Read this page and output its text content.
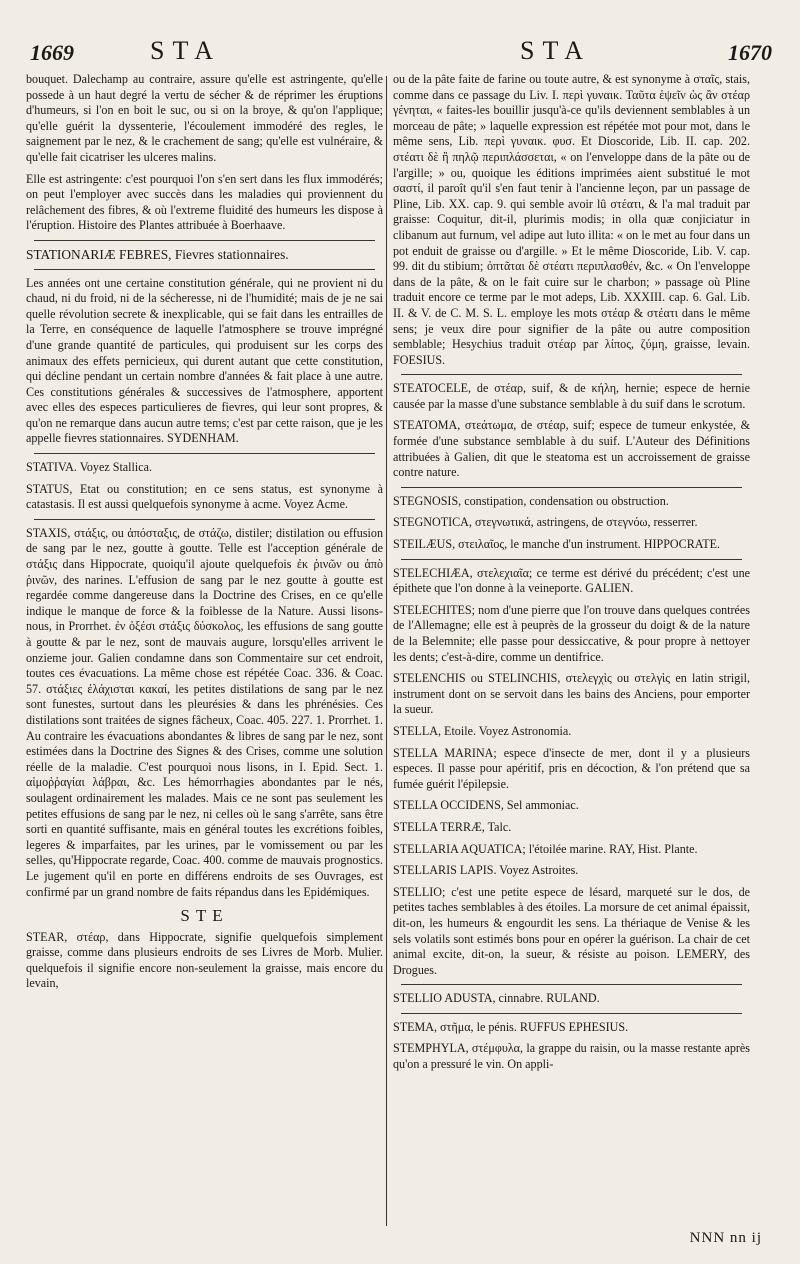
1669	STA	STA	1670
bouquet. Dalechamp au contraire, assure qu'elle est astringente, qu'elle possede à un haut degré la vertu de sécher & de réprimer les éruptions d'humeurs, si l'on en boit le suc, ou si on la broye, & qu'on l'applique; qu'elle guérit la dyssenterie, l'écoulement immodéré des regles, le saignement par le nez, & le crachement de sang; qu'elle est vulnéraire, & qu'elle fait cicatriser les ulceres malins.
Elle est astringente: c'est pourquoi l'on s'en sert dans les flux immodérés; on peut l'employer avec succès dans les maladies qui proviennent du relâchement des fibres, & où l'extreme fluidité des humeurs les dispose à l'éruption. Histoire des Plantes attribuée à Boerhaave.
STATIONARIÆ FEBRES, Fievres stationnaires.
Les années ont une certaine constitution générale, qui ne provient ni du chaud, ni du froid, ni de la sécheresse, ni de l'humidité; mais de je ne sai quelle révolution secrete & inexplicable, qui se fait dans les entrailles de la Terre, en conséquence de laquelle l'atmosphere se trouve imprégné d'une grande quantité de particules, qui produisent sur les corps des animaux des effets pernicieux, qui durent autant que cette constitution, qui décline pendant un certain nombre d'années & fait place à une autre. Ces constitutions générales & successives de l'atmosphere, apportent avec elles des especes particulieres de fievres, qui leur sont propres, & qu'on ne remarque dans aucun autre tems; c'est par cette raison, que je les appelle fievres stationnaires. SYDENHAM.
STATIVA. Voyez Stallica.
STATUS, Etat ou constitution; en ce sens status, est synonyme à catastasis. Il est aussi quelquefois synonyme à acme. Voyez Acme.
STAXIS, στάξις, ou ἀπόσταξις, de στάζω, distiler; distilation ou effusion de sang par le nez, goutte à goutte. Telle est l'acception générale de στάξις dans Hippocrate, quoiqu'il ajoute quelquefois ἐκ ῥινῶν ou ἀπὸ ῥινῶν, des narines. L'effusion de sang par le nez goutte à goutte est regardée comme dangereuse dans la Doctrine des Crises, en ce qu'elle indique le manque de force & la foiblesse de la Nature. Aussi lisons-nous, in Prorrhet. ἐν ὀξέσι στάξις δύσκολος, les effusions de sang goutte à goutte & par le nez, sont de mauvais augure, lorsqu'elles arrivent le onzieme jour. Galien condamne dans son Commentaire sur cet endroit, toutes ces évacuations. La même chose est répétée Coac. 336. & Coac. 57. στάξιες ἐλάχισται κακαί, les petites distilations de sang par le nez sont funestes, surtout dans les pleurésies & dans les phrénésies. Ces distilations sont traitées de signes fâcheux, Coac. 405. 227. 1. Prorrhet. 1. Au contraire les évacuations abondantes & libres de sang par le nez, sont estimées dans la Doctrine des Signes & des Crises, comme une solution réelle de la maladie. C'est pourquoi nous lisons, in I. Epid. Sect. 1. αἱμοῤῥαγίαι λάβραι, &c. Les hémorrhagies abondantes par le nés, soulagent ordinairement les malades. Mais ce ne sont pas seulement les petites effusions de sang par le nez, ni celles où le sang s'arrête, sans être sorti en quantité suffisante, mais en général toutes les excrétions foibles, legeres & imparfaites, par les urines, par le vomissement ou par les selles, qu'Hippocrate regarde, Coac. 400. comme de mauvais prognostics. Le jugement qu'il en porte en différens endroits de ses Ouvrages, est confirmé par un grand nombre de faits répandus dans les Epidémiques.
STE
STEAR, στέαρ, dans Hippocrate, signifie quelquefois simplement graisse, comme dans plusieurs endroits de ses Livres de Morb. Mulier. quelquefois il signifie encore non-seulement la graisse, mais encore du levain,
ou de la pâte faite de farine ou toute autre, & est synonyme à σταῖς, stais, comme dans ce passage du Liv. I. περὶ γυναικ. Ταῦτα ἑψεῖν ὡς ἂν στέαρ γένηται, « faites-les bouillir jusqu'à-ce qu'ils deviennent semblables à un morceau de pâte; » laquelle expression est répétée mot pour mot, dans le même sens, Lib. περὶ γυναικ. φυσ. Et Dioscoride, Lib. II. cap. 202. στέατι δὲ ἢ πηλῷ περιπλάσσεται, « on l'enveloppe dans de la pâte ou de l'argille; » ou, quoique les éditions imprimées aient substitué le mot σαστί, il paroît qu'il s'en faut tenir à l'ancienne leçon, par un passage de Pline, Lib. XX. cap. 9. qui semble avoir lû στέατι, & l'a mal traduit par graisse: Coquitur, dit-il, plurimis modis; in olla quæ conjiciatur in clibanum aut furnum, vel adipe aut luto illita: « on le met au four dans un pot enduit de graisse ou d'argille. » Et le même Dioscoride, Lib. V. cap. 99. dit du stibium; ὀπτᾶται δὲ στέατι περιπλασθέν, &c. « On l'enveloppe dans de la pâte, & on le fait cuire sur le charbon; » passage où Pline traduit encore ce terme par le mot adeps, Lib. XXXIII. cap. 6. Gal. Lib. II. & V. de C. M. S. L. employe les mots στέαρ & στέατι dans le même sens; je veux dire pour signifier de la pâte ou autre composition semblable; Hesychius traduit στέαρ par λίπος, ζύμη, graisse, levain. FOESIUS.
STEATOCELE, de στέαρ, suif, & de κήλη, hernie; espece de hernie causée par la masse d'une substance semblable à du suif dans le scrotum.
STEATOMA, στεάτωμα, de στέαρ, suif; espece de tumeur enkystée, & formée d'une substance semblable à du suif. L'Auteur des Définitions attribuées à Galien, dit que le steatoma est un accroissement de graisse contre nature.
STEGNOSIS, constipation, condensation ou obstruction.
STEGNOTICA, στεγνωτικά, astringens, de στεγνόω, resserrer.
STEILÆUS, στειλαῖος, le manche d'un instrument. HIPPOCRATE.
STELECHIÆA, στελεχιαῖα; ce terme est dérivé du précédent; c'est une épithete que l'on donne à la veineporte. GALIEN.
STELECHITES; nom d'une pierre que l'on trouve dans quelques contrées de l'Allemagne; elle est à peuprès de la grosseur du doigt & de la nature de la Belemnite; elle passe pour dessiccative, & pour propre à nettoyer les dents; c'est-à-dire, comme un dentifrice.
STELENCHIS ou STELINCHIS, στελεγχὶς ou στελγὶς en latin strigil, instrument dont on se servoit dans les bains des Anciens, pour emporter la sueur.
STELLA, Etoile. Voyez Astronomia.
STELLA MARINA; espece d'insecte de mer, dont il y a plusieurs especes. Il passe pour apéritif, pris en décoction, & l'on prétend que sa fumée guérit l'épilepsie.
STELLA OCCIDENS, Sel ammoniac.
STELLA TERRÆ, Talc.
STELLARIA AQUATICA; l'étoilée marine. RAY, Hist. Plante.
STELLARIS LAPIS. Voyez Astroites.
STELLIO; c'est une petite espece de lésard, marqueté sur le dos, de petites taches semblables à des étoiles. La morsure de cet animal épaissit, dit-on, les humeurs & engourdit les sens. La thériaque de Venise & les sels volatils sont estimés bons pour en opérer la guérison. La chair de cet animal excite, dit-on, la sueur, & résiste au poison. LEMERY, des Drogues.
STELLIO ADUSTA, cinnabre. RULAND.
STEMA, στῆμα, le pénis. RUFFUS EPHESIUS.
STEMPHYLA, στέμφυλα, la grappe du raisin, ou la masse restante après qu'on a pressuré le vin. On appli-
NNN nn ij
